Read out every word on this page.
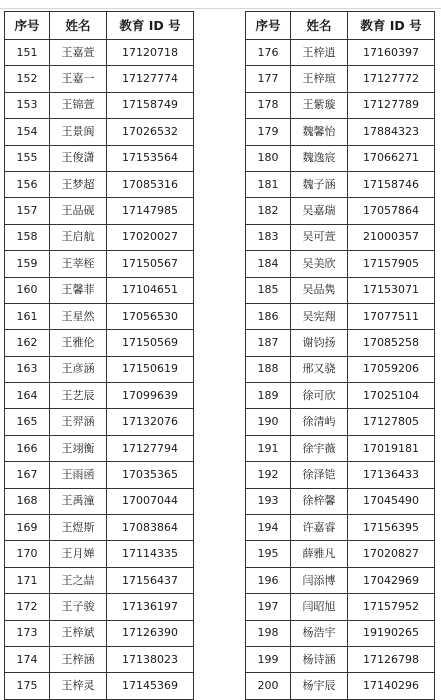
序号	姓名	教育 ID 号
151	王嘉萱	17120718
152	王嘉一	17127774
153	王锦萱	17158749
154	王景阆	17026532
155	王俊潇	17153564
156	王梦超	17085316
157	王品砚	17147985
158	王启航	17020027
159	王莘桎	17150567
160	王馨菲	17104651
161	王星然	17056530
162	王雅伦	17150569
163	王彦涵	17150619
164	王艺辰	17099639
165	王羿涵	17132076
166	王翊衡	17127794
167	王雨函	17035365
168	王禹潼	17007044
169	王煜斯	17083864
170	王月婵	17114335
171	王之喆	17156437
172	王子骏	17136197
173	王梓斌	17126390
174	王梓涵	17138023
175	王梓灵	17145369
序号	姓名	教育 ID 号
176	王梓逍	17160397
177	王梓瑄	17127772
178	王紫璇	17127789
179	魏馨怡	17884323
180	魏逸宸	17066271
181	魏子涵	17158746
182	吴嘉瑞	17057864
183	吴可萱	21000357
184	吴美欣	17157905
185	吴品隽	17153071
186	吴宪翔	17077511
187	谢钧扬	17085258
188	邢又骁	17059206
189	徐可欣	17025104
190	徐清屿	17127805
191	徐宇薇	17019181
192	徐泽铠	17136433
193	徐梓馨	17045490
194	许嘉睿	17156395
195	薛雅凡	17020827
196	闫添博	17042969
197	闫昭旭	17157952
198	杨浩宇	19190265
199	杨诗涵	17126798
200	杨宇辰	17140296
